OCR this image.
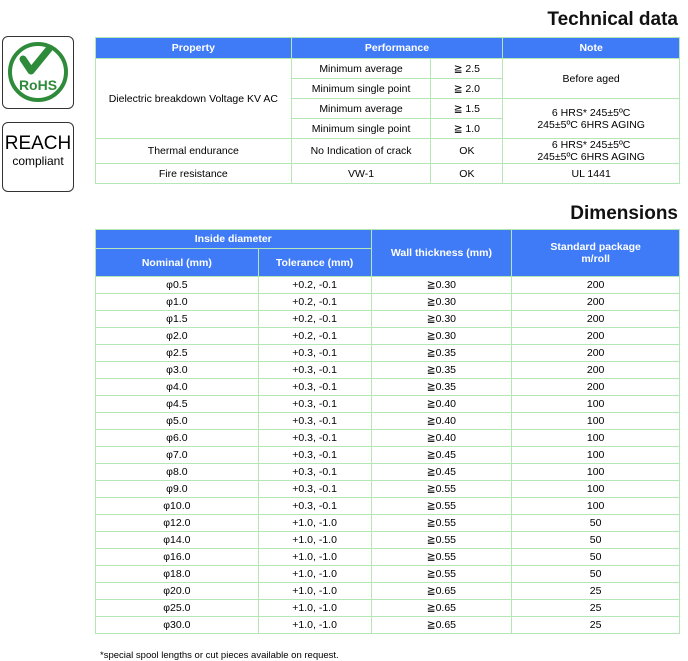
Technical data
Dimensions
RoHS
REACH
compliant
Property	Performance		Note
Dielectric breakdown Voltage KV AC	Minimum average	≧ 2.5	Before aged
	Minimum single point	≧ 2.0	
	Minimum average	≧ 1.5	6 HRS* 245±5ºC
245±5ºC 6HRS AGING

	Minimum single point	≧ 1.0	
Thermal endurance	No Indication of crack	OK	6 HRS* 245±5ºC
245±5ºC 6HRS AGING

Fire resistance	VW-1	OK	UL 1441
Inside diameter		Wall thickness (mm)	Standard package
m/roll
Nominal (mm)	Tolerance (mm)		
φ0.5	+0.2, -0.1	≧0.30	200
φ1.0	+0.2, -0.1	≧0.30	200
φ1.5	+0.2, -0.1	≧0.30	200
φ2.0	+0.2, -0.1	≧0.30	200
φ2.5	+0.3, -0.1	≧0.35	200
φ3.0	+0.3, -0.1	≧0.35	200
φ4.0	+0.3, -0.1	≧0.35	200
φ4.5	+0.3, -0.1	≧0.40	100
φ5.0	+0.3, -0.1	≧0.40	100
φ6.0	+0.3, -0.1	≧0.40	100
φ7.0	+0.3, -0.1	≧0.45	100
φ8.0	+0.3, -0.1	≧0.45	100
φ9.0	+0.3, -0.1	≧0.55	100
φ10.0	+0.3, -0.1	≧0.55	100
φ12.0	+1.0, -1.0	≧0.55	50
φ14.0	+1.0, -1.0	≧0.55	50
φ16.0	+1.0, -1.0	≧0.55	50
φ18.0	+1.0, -1.0	≧0.55	50
φ20.0	+1.0, -1.0	≧0.65	25
φ25.0	+1.0, -1.0	≧0.65	25
φ30.0	+1.0, -1.0	≧0.65	25
*special spool lengths or cut pieces available on request.
